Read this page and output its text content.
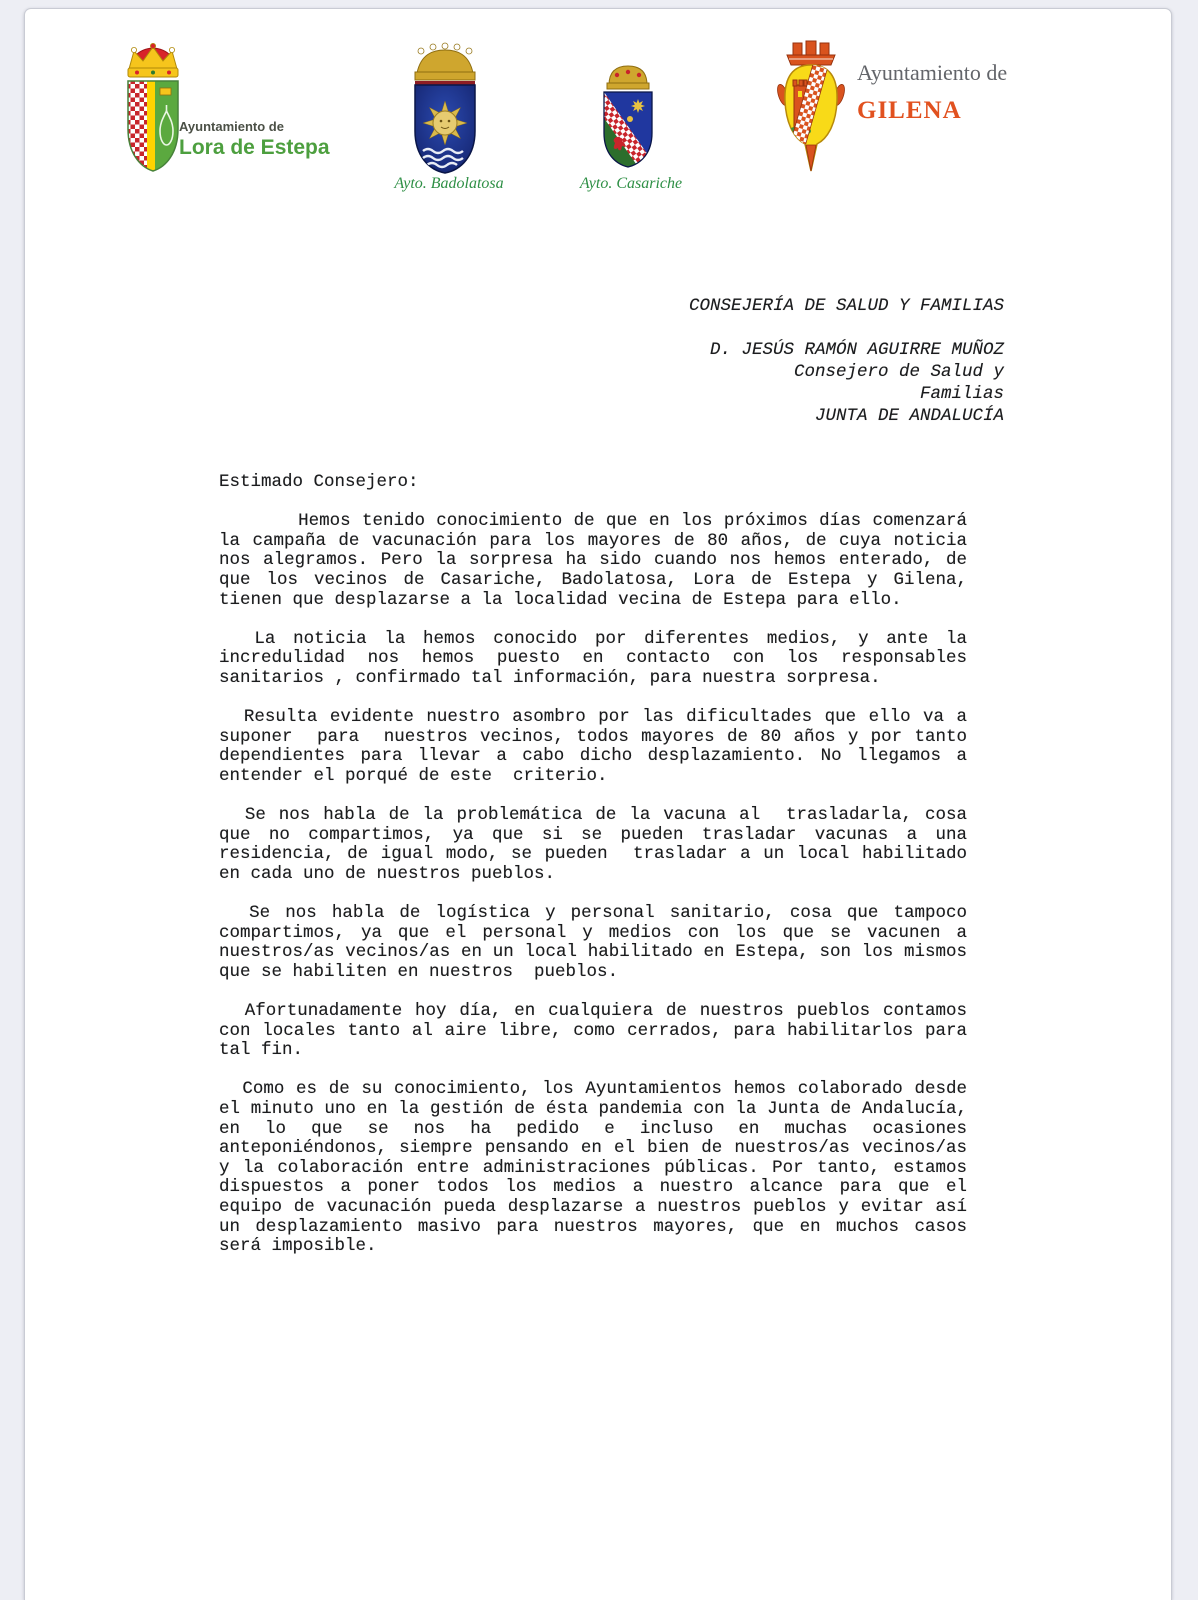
Ayuntamiento de
Lora de Estepa
Ayto. Badolatosa	Ayto. Casariche
Ayuntamiento de
GILENA
CONSEJERÍA DE SALUD Y FAMILIAS
D. JESÚS RAMÓN AGUIRRE MUÑOZ
Consejero de Salud y
Familias
JUNTA DE ANDALUCÍA

Estimado Consejero:

Hemos tenido conocimiento de que en los próximos días comenzará la campaña de vacunación para los mayores de 80 años, de cuya noticia nos alegramos. Pero la sorpresa ha sido cuando nos hemos enterado, de que los vecinos de Casariche, Badolatosa, Lora de Estepa y Gilena, tienen que desplazarse a la localidad vecina de Estepa para ello.

La noticia la hemos conocido por diferentes medios, y ante la incredulidad nos hemos puesto en contacto con los responsables sanitarios , confirmado tal información, para nuestra sorpresa.

Resulta evidente nuestro asombro por las dificultades que ello va a suponer  para  nuestros vecinos, todos mayores de 80 años y por tanto dependientes para llevar a cabo dicho desplazamiento. No llegamos a entender el porqué de este  criterio.

Se nos habla de la problemática de la vacuna al  trasladarla, cosa que no compartimos, ya que si se pueden trasladar vacunas a una residencia, de igual modo, se pueden  trasladar a un local habilitado en cada uno de nuestros pueblos.

Se nos habla de logística y personal sanitario, cosa que tampoco compartimos, ya que el personal y medios con los que se vacunen a nuestros/as vecinos/as en un local habilitado en Estepa, son los mismos que se habiliten en nuestros  pueblos.

Afortunadamente hoy día, en cualquiera de nuestros pueblos contamos con locales tanto al aire libre, como cerrados, para habilitarlos para tal fin.

Como es de su conocimiento, los Ayuntamientos hemos colaborado desde el minuto uno en la gestión de ésta pandemia con la Junta de Andalucía, en lo que se nos ha pedido e incluso en muchas ocasiones anteponiéndonos, siempre pensando en el bien de nuestros/as vecinos/as y la colaboración entre administraciones públicas. Por tanto, estamos dispuestos a poner todos los medios a nuestro alcance para que el equipo de vacunación pueda desplazarse a nuestros pueblos y evitar así un desplazamiento masivo para nuestros mayores, que en muchos casos será imposible.
